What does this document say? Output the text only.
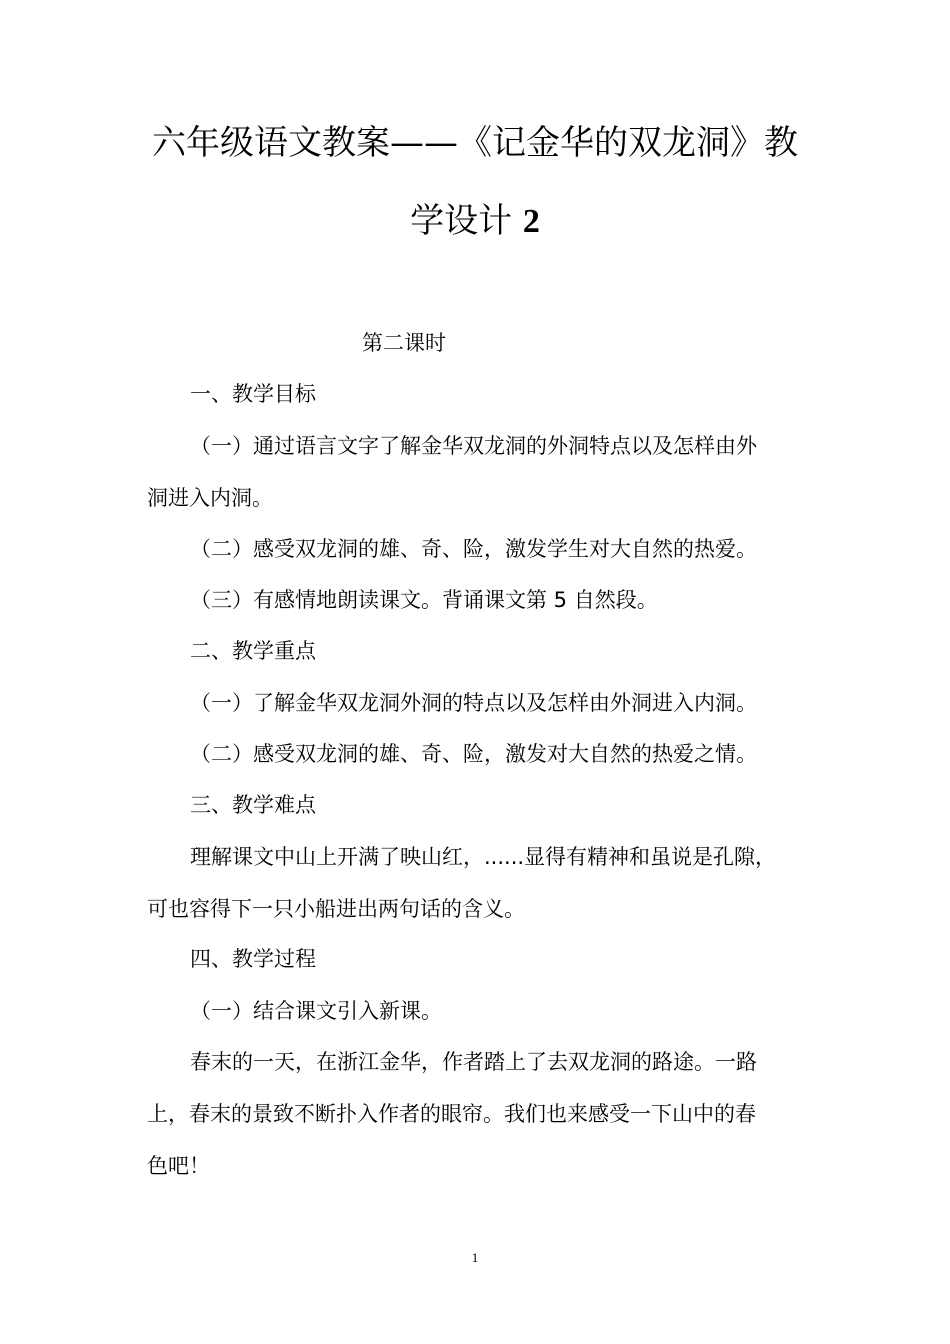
六年级语文教案——《记金华的双龙洞》教
学设计 2

第二课时

一、教学目标

（一）通过语言文字了解金华双龙洞的外洞特点以及怎样由外

洞进入内洞。

（二）感受双龙洞的雄、奇、险，激发学生对大自然的热爱。

（三）有感情地朗读课文。背诵课文第 5 自然段。

二、教学重点

（一）了解金华双龙洞外洞的特点以及怎样由外洞进入内洞。

（二）感受双龙洞的雄、奇、险，激发对大自然的热爱之情。

三、教学难点

理解课文中山上开满了映山红，......显得有精神和虽说是孔隙，

可也容得下一只小船进出两句话的含义。

四、教学过程

（一）结合课文引入新课。

春末的一天，在浙江金华，作者踏上了去双龙洞的路途。一路

上，春末的景致不断扑入作者的眼帘。我们也来感受一下山中的春

色吧！

1
